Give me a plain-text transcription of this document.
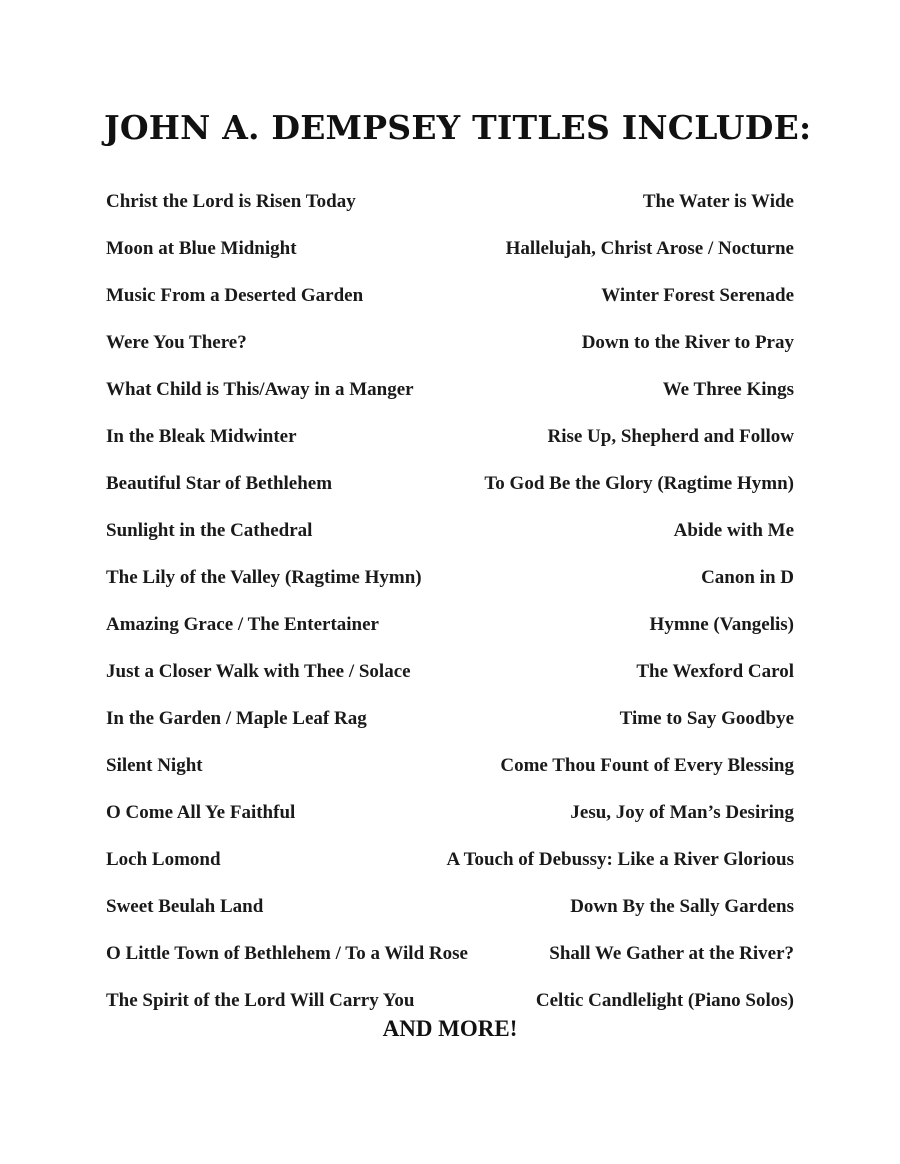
JOHN A. DEMPSEY TITLES INCLUDE:
Christ the Lord is Risen Today	The Water is Wide
Moon at Blue Midnight	Hallelujah, Christ Arose / Nocturne
Music From a Deserted Garden	Winter Forest Serenade
Were You There?	Down to the River to Pray
What Child is This/Away in a Manger	We Three Kings
In the Bleak Midwinter	Rise Up, Shepherd and Follow
Beautiful Star of Bethlehem	To God Be the Glory (Ragtime Hymn)
Sunlight in the Cathedral	Abide with Me
The Lily of the Valley (Ragtime Hymn)	Canon in D
Amazing Grace / The Entertainer	Hymne (Vangelis)
Just a Closer Walk with Thee / Solace	The Wexford Carol
In the Garden / Maple Leaf Rag	Time to Say Goodbye
Silent Night	Come Thou Fount of Every Blessing
O Come All Ye Faithful	Jesu, Joy of Man’s Desiring
Loch Lomond	A Touch of Debussy: Like a River Glorious
Sweet Beulah Land	Down By the Sally Gardens
O Little Town of Bethlehem / To a Wild Rose	Shall We Gather at the River?
The Spirit of the Lord Will Carry You	Celtic Candlelight (Piano Solos)
AND MORE!
